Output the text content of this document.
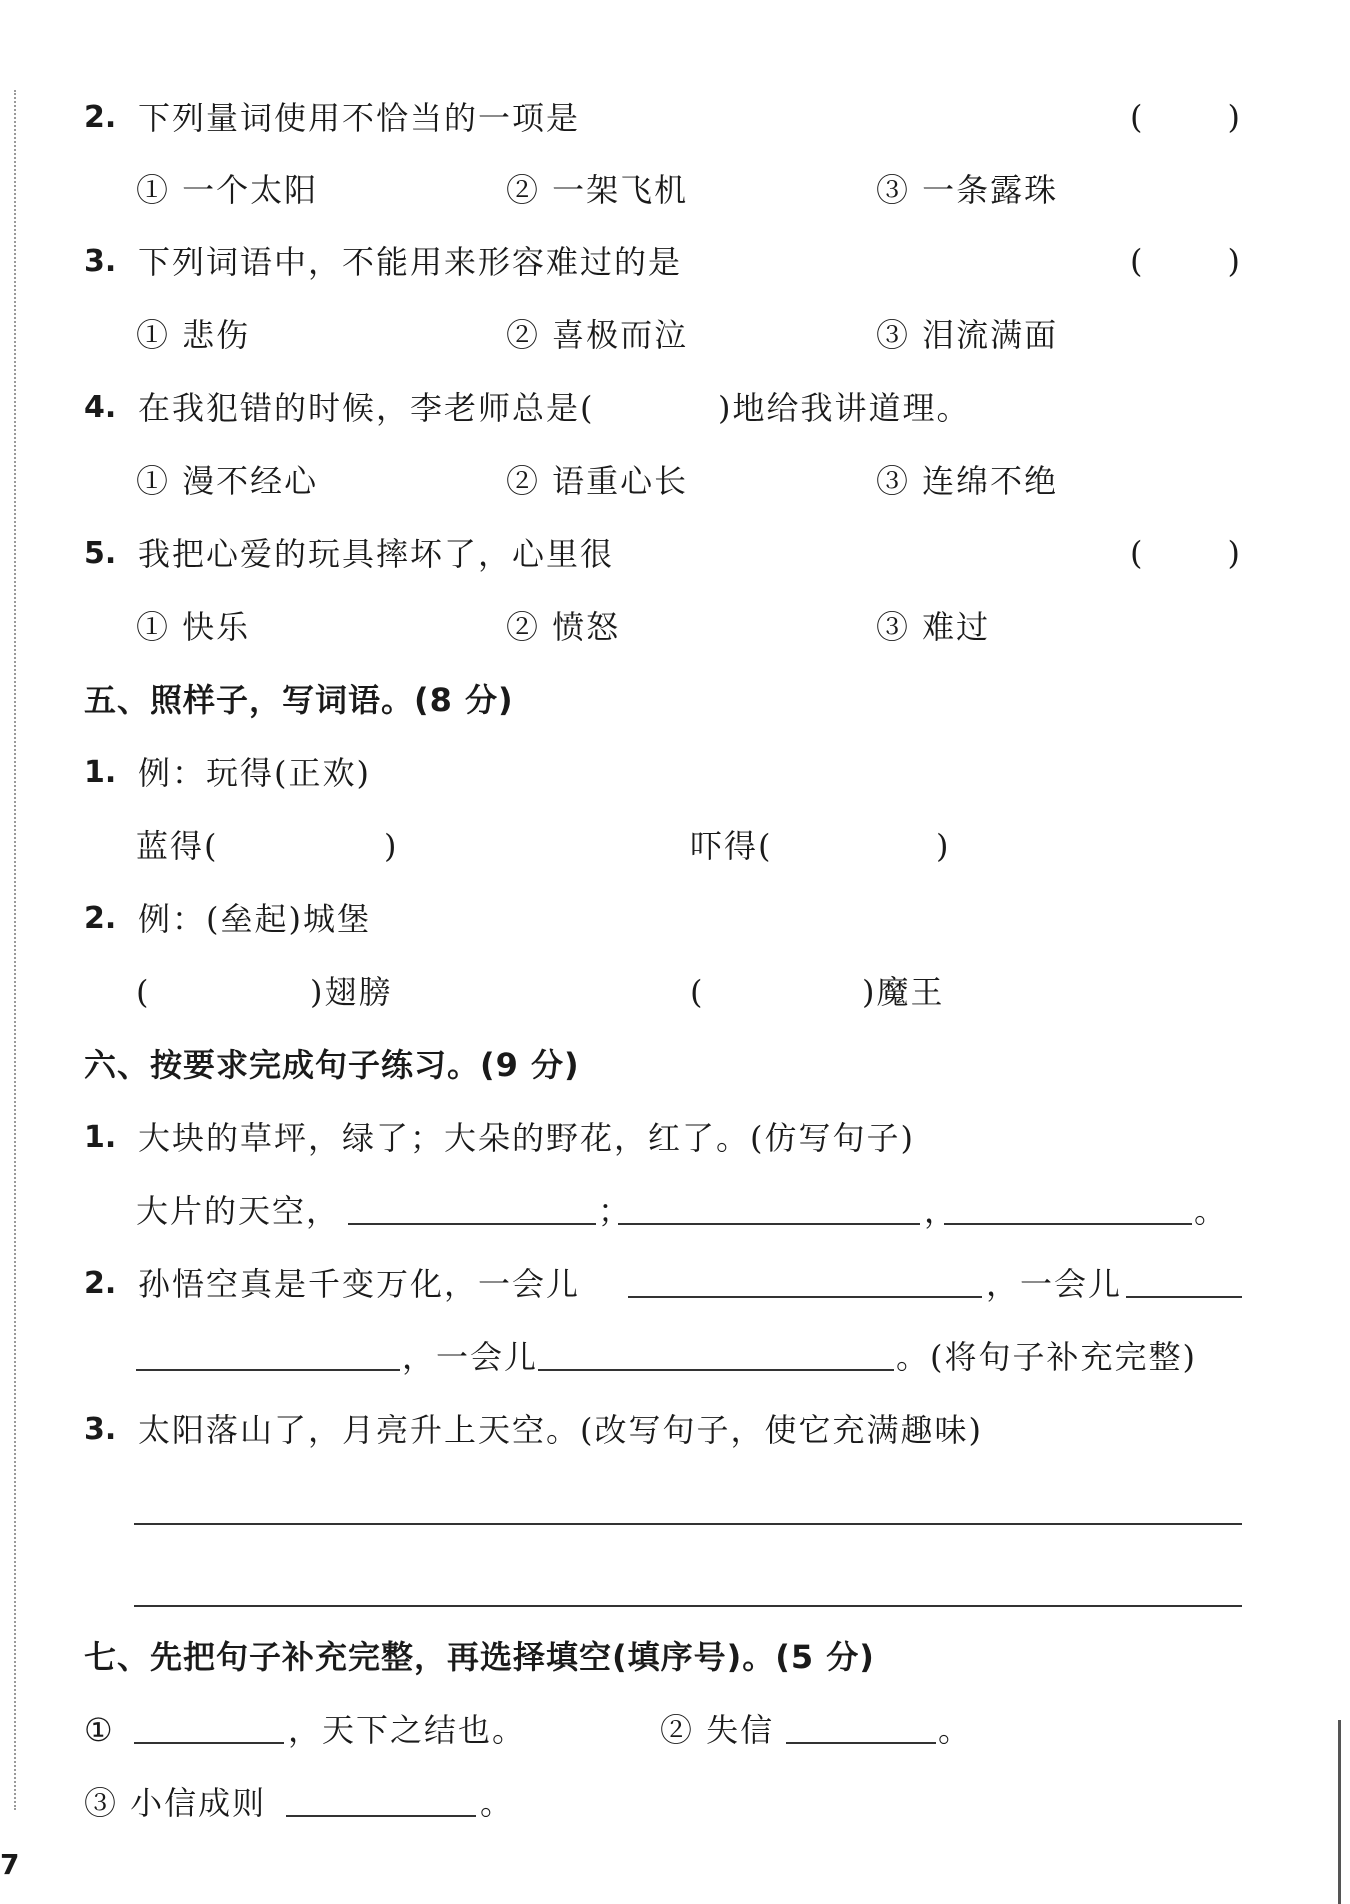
2. 下列量词使用不恰当的一项是	(	)
① 一个太阳	② 一架飞机	③ 一条露珠
3. 下列词语中，不能用来形容难过的是	(	)
① 悲伤	② 喜极而泣	③ 泪流满面
4. 在我犯错的时候，李老师总是(	)地给我讲道理。
① 漫不经心	② 语重心长	③ 连绵不绝
5. 我把心爱的玩具摔坏了，心里很	(	)
① 快乐	② 愤怒	③ 难过
五、照样子，写词语。(8 分)
1. 例：玩得(正欢)
蓝得(	)	吓得(	)
2. 例：(垒起)城堡
(	)翅膀	(	)魔王
六、按要求完成句子练习。(9 分)
1. 大块的草坪，绿了；大朵的野花，红了。(仿写句子)
大片的天空，	；	，	。
2. 孙悟空真是千变万化，一会儿	，一会儿
，一会儿	。(将句子补充完整)
3. 太阳落山了，月亮升上天空。(改写句子，使它充满趣味)
七、先把句子补充完整，再选择填空(填序号)。(5 分)
①	，天下之结也。	② 失信	。
③ 小信成则	。
7
